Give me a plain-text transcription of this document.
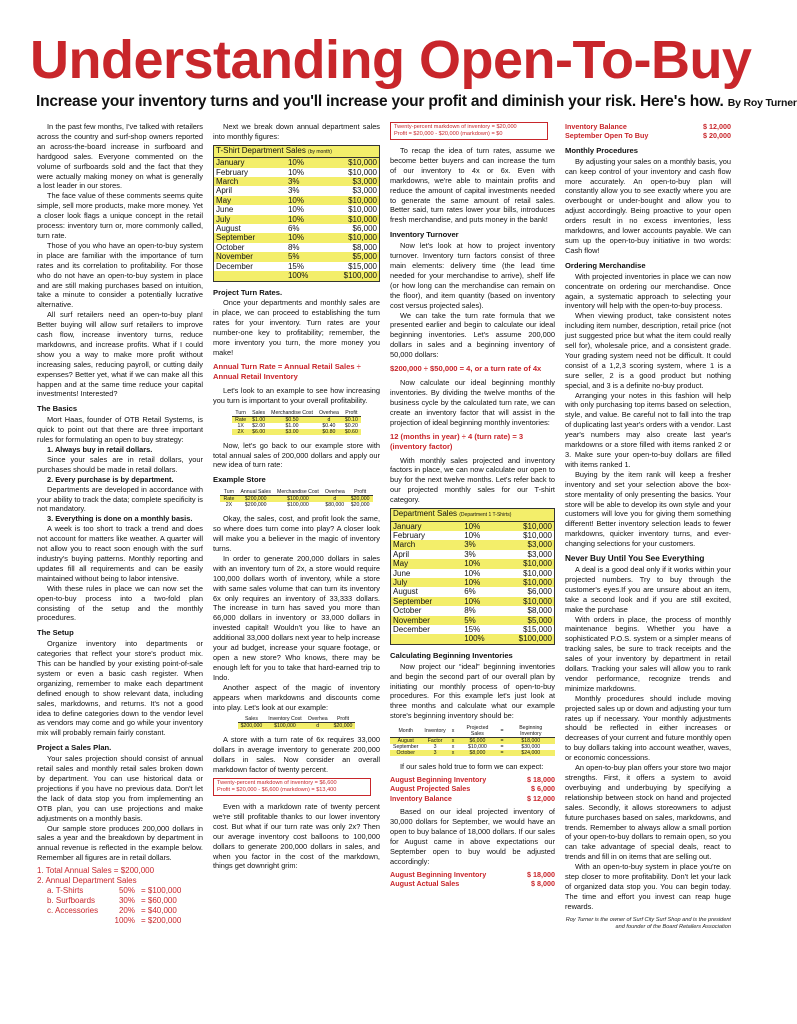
Understanding Open-To-Buy
Increase your inventory turns and you'll increase your profit and diminish your risk. Here's how. By Roy Turner

In the past few months, I've talked with retailers across the country and surf-shop owners reported an across-the-board increase in surfboard and hardgood sales. Everyone commented on the volume of surfboards sold and the fact that they were actually making money on what is generally a lost leader in our stores.

The face value of these comments seems quite simple, sell more products, make more money. Yet a closer look flags a unique concept in the retail process: inventory turn or, more commonly called, turn rate.

Those of you who have an open-to-buy system in place are familiar with the importance of turn rates and its correlation to profitability. For those who do not have an open-to-buy system in place and are still making purchases based on intuition, take a minute to consider a potentially lucrative alternative.

All surf retailers need an open-to-buy plan! Better buying will allow surf retailers to improve cash flow, increase inventory turns, reduce markdowns, and increase profits. What if I could show you a way to make more profit without increasing sales, reducing payroll, or cutting daily expenses? Better yet, what if we can make all this happen and at the same time reduce your capital investments! Interested?

The Basics

Mort Haas, founder of OTB Retail Systems, is quick to point out that there are three important rules for formulating an open to buy strategy:

1. Always buy in retail dollars.

Since your sales are in retail dollars, your purchases should be made in retail dollars.

2. Every purchase is by department.

Departments are developed in accordance with your ability to track the data; complete specificity is not mandatory.

3. Everything is done on a monthly basis.

A week is too short to track a trend and does not account for matters like weather. A quarter will not allow you to react soon enough with the surf industry's buying patterns. Monthly reporting and updates fill all requirements and can be easily maintained without being to labor intensive.

With these rules in place we can now set the open-to-buy process into a two-fold plan consisting of the setup and the monthly procedures.

The Setup

Organize inventory into departments or categories that reflect your store's product mix. This can be handled by your existing point-of-sale system or even a basic cash register. When organizing, remember to make each department defined enough to show relevant data, including sales, markdowns, and returns. It's not a good idea to define categories down to the vendor level as vendors may come and go while your inventory mix will probably remain fairly constant.

Project a Sales Plan.

Your sales projection should consist of annual retail sales and monthly retail sales broken down by department. You can use historical data or projections if you have no previous data. Don't let the lack of data stop you from implementing an OTB plan, you can use projections and make adjustments on a monthly basis.

Our sample store produces 200,000 dollars in sales a year and the breakdown by department in annual revenue is reflected in the example below. Remember all figures are in retail dollars.

1. Total Annual Sales = $200,000
2. Annual Department Sales
a. T-Shirts	50% = $100,000
b. Surfboards	30% = $60,000
c. Accessories	20% = $40,000
100% = $200,000

Next we break down annual department sales into monthly figures:

T-Shirt Department Sales (by month)		
January	10%	$10,000
February	10%	$10,000
March	3%	$3,000
April	3%	$3,000
May	10%	$10,000
June	10%	$10,000
July	10%	$10,000
August	6%	$6,000
September	10%	$10,000
October	8%	$8,000
November	5%	$5,000
December	15%	$15,000
	100%	$100,000
Project Turn Rates.

Once your departments and monthly sales are in place, we can proceed to establishing the turn rates for your inventory. Turn rates are your number-one key to profitability; remember, the more inventory you turn, the more money you make!

Annual Turn Rate = Annual Retail Sales ÷ Annual Retail Inventory

Let's look to an example to see how increasing you turn is important to your overall profitability.

Turn	Sales	Merchandise Cost	Overhea	Profit
Rate	$1.00	$0.50	d	$0.10
1X	$2.00	$1.00	$0.40	$0.20
2X	$6.00	$3.00	$0.80	$0.60

Now, let's go back to our example store with total annual sales of 200,000 dollars and apply our new idea of turn rate:

Example Store
Turn	Annual Sales	Merchandise Cost	Overhea	Profit
Rate	$200,000	$100,000	d	$20,000
2X	$200,000	$100,000	$80,000	$20,000

Okay, the sales, cost, and profit look the same, so where does turn come into play? A closer look will make you a believer in the magic of inventory turns.

In order to generate 200,000 dollars in sales with an inventory turn of 2x, a store would require 100,000 dollars worth of inventory, while a store with same sales volume that can turn its inventory 6x only requires an inventory of 33,333 dollars. The increase in turn has saved you more than 66,000 dollars in inventory or 33,000 dollars in invested capital! Wouldn't you like to have an additional 33,000 dollars next year to help increase your ad budget, increase your square footage, or open a new store? Who knows, there may be enough left for you to take that hard-earned trip to Indo.

Another aspect of the magic of inventory appears when markdowns and discounts come into play. Let's look at our example:

Sales	Inventory Cost	Overhea	Profit
$200,000	$100,000	d	$20,000

A store with a turn rate of 6x requires 33,000 dollars in average inventory to generate 200,000 dollars in sales. Now consider an overall markdown factor of twenty percent.

Twenty-percent markdown of inventory = $6,600
Profit = $20,000 - $6,600 (markdown) = $13,400

Even with a markdown rate of twenty percent we're still profitable thanks to our lower inventory cost. But what if our turn rate was only 2x? Then our average inventory cost balloons to 100,000 dollars to generate 200,000 dollars in sales, and when you factor in the cost of the markdown, things get downright grim:

Twenty-percent markdown of inventory = $20,000
Profit = $20,000 - $20,000 (markdown) = $0

To recap the idea of turn rates, assume we become better buyers and can increase the turn of our inventory to 4x or 6x. Even with markdowns, we're able to maintain profits and reduce the amount of capital investments needed to generate the same amount of retail sales. Better said, turn rates lower your bills, introduces fresh merchandise, and puts money in the bank!

Inventory Turnover

Now let's look at how to project inventory turnover. Inventory turn factors consist of three main elements: delivery time (the lead time needed for your merchandise to arrive), shelf life (or how long can the merchandise can remain on the floor), and item quantity (based on inventory cost versus projected sales).

We can take the turn rate formula that we presented earlier and begin to calculate our ideal beginning inventories. Let's assume 200,000 dollars in sales and a beginning inventory of 50,000 dollars:

$200,000 ÷ $50,000 = 4, or a turn rate of 4x

Now calculate our ideal beginning monthly inventories. By dividing the twelve months of the business cycle by the calculated turn rate, we can create an inventory factor that will assist in the projection of ideal beginning monthly inventories:

12 (months in year) ÷ 4 (turn rate) = 3 (inventory factor)

With monthly sales projected and inventory factors in place, we can now calculate our open to buy for the next twelve months. Let's refer back to our projected monthly sales for our T-shirt category.

Department Sales (Department 1 T-Shirts)		
January	10%	$10,000
February	10%	$10,000
March	3%	$3,000
April	3%	$3,000
May	10%	$10,000
June	10%	$10,000
July	10%	$10,000
August	6%	$6,000
September	10%	$10,000
October	8%	$8,000
November	5%	$5,000
December	15%	$15,000
	100%	$100,000
Calculating Beginning Inventories

Now project our “ideal” beginning inventories and begin the second part of our overall plan by initiating our monthly process of open-to-buy procedures. For this example let's just look at three months and calculate what our example store's beginning inventory should be:

Month	Inventory	x	Projected Sales	=	Beginning Inventory
August	Factor	x	$6,000	=	$18,000
September	3	x	$10,000	=	$30,000
October	3	x	$8,000	=	$24,000

If our sales hold true to form we can expect:

August Beginning Inventory	$ 18,000
August Projected Sales	$ 6,000
Inventory Balance	$ 12,000

Based on our ideal projected inventory of 30,000 dollars for September, we would have an open to buy balance of 18,000 dollars. If our sales for August came in above expectations our September open to buy would be adjusted accordingly:

August Beginning Inventory	$ 18,000
August Actual Sales	$ 8,000
Inventory Balance	$ 12,000
September Open To Buy	$ 20,000
Monthly Procedures

By adjusting your sales on a monthly basis, you can keep control of your inventory and cash flow more accurately. An open-to-buy plan will constantly allow you to see exactly where you are overbought or under-bought and allow you to adjust accordingly. Being proactive to your open orders result in no excess inventories, less markdowns, and lower accounts payable. We can sum up the open-to-buy initiative in two words: Cash flow!

Ordering Merchandise

With projected inventories in place we can now concentrate on ordering our merchandise. Once again, a systematic approach to selecting your inventory will help with the open-to-buy process.

When viewing product, take consistent notes including item number, description, retail price (not just suggested price but what the item could really sell for), wholesale price, and a consistent grade. Your grading system need not be difficult. It could consist of a 1,2,3 scoring system, where 1 is a sure seller, 2 is a good product but nothing special, and 3 is a definite no-buy product.

Arranging your notes in this fashion will help with only purchasing top items based on selection, style, and value. Be careful not to fall into the trap of duplicating last year's orders with a vendor. Last year's numbers may also create last year's markdowns or a store filled with items ranked 2 or 3. Make sure your open-to-buy dollars are filled with items ranked 1.

Buying by the item rank will keep a fresher inventory and set your selection above the box-store mentality of only presenting the basics. Your store will be able to develop its own style and your customers will love you for giving them something different! Better inventory selection leads to fewer markdowns, quicker inventory turns, and ever-changing selections for your customers.

Never Buy Until You See Everything

A deal is a good deal only if it works within your projected numbers. Try to buy through the customer's eyes.If you are unsure about an item, take a second look and if you are still excited, make the purchase

With orders in place, the process of monthly maintenance begins. Whether you have a sophisticated P.O.S. system or a simpler means of tracking sales, be sure to track receipts and the sales of your inventory by department in retail dollars. Tracking your sales will allow you to rank vendor performance, recognize trends and minimize markdowns.

Monthly procedures should include moving projected sales up or down and adjusting your turn rates up if necessary. Your monthly adjustments should be reflected in either increases or decreases of your current and future monthly open to buy dollars taking into account weather, waves, or economic concessions.

An open-to-buy plan offers your store two major strengths. First, it offers a system to avoid overbuying and underbuying by specifying a relationship between stock on hand and projected sales. Secondly, it allows storeowners to adjust future purchases based on sales, markdowns, and trends. Remember to always allow a small portion of your open-to-buy dollars to remain open, so you can take advantage of special deals, react to trends and fill in on items that are selling out.

With an open-to-buy system in place you're on step closer to more profitability. Don't let your lack of organized data stop you. You can begin today. The time and effort you invest can reap huge rewards.

Roy Turner is the owner of Surf City Surf Shop and is the president and founder of the Board Retailers Association
